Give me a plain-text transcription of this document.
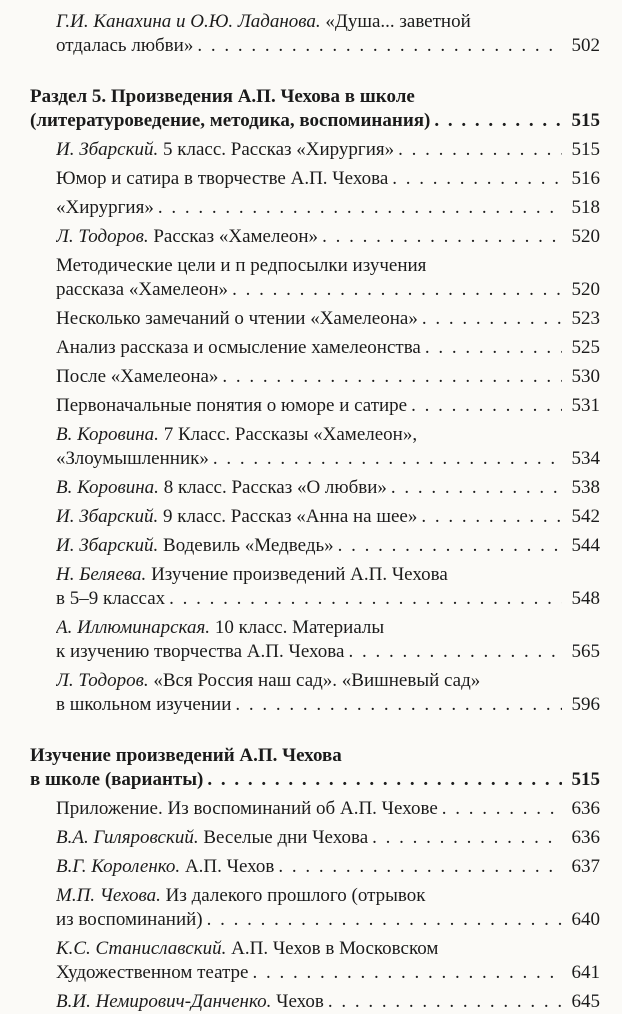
Г.И. Канахина и О.Ю. Ладанова. «Душа... заветной
отдалась любви» . . .	502
Раздел 5. Произведения А.П. Чехова в школе
(литературоведение, методика, воспоминания) . . .	515
И. Збарский. 5 класс. Рассказ «Хирургия» . . .	515
Юмор и сатира в творчестве А.П. Чехова . . .	516
«Хирургия» . . .	518
Л. Тодоров. Рассказ «Хамелеон» . . .	520
Методические цели и п редпосылки изучения
рассказа «Хамелеон» . . .	520
Несколько замечаний о чтении «Хамелеона» . . .	523
Анализ рассказа и осмысление хамелеонства . . .	525
После «Хамелеона» . . .	530
Первоначальные понятия о юморе и сатире . . .	531
В. Коровина. 7 Класс. Рассказы «Хамелеон»,
«Злоумышленник» . . .	534
В. Коровина. 8 класс. Рассказ «О любви» . . .	538
И. Збарский. 9 класс. Рассказ «Анна на шее» . . .	542
И. Збарский. Водевиль «Медведь» . . .	544
Н. Беляева. Изучение произведений А.П. Чехова
в 5–9 классах . . .	548
А. Иллюминарская. 10 класс. Материалы
к изучению творчества А.П. Чехова . . .	565
Л. Тодоров. «Вся Россия наш сад». «Вишневый сад»
в школьном изучении . . .	596
Изучение произведений А.П. Чехова
в школе (варианты) . . .	515
Приложение. Из воспоминаний об А.П. Чехове . . .	636
В.А. Гиляровский. Веселые дни Чехова . . .	636
В.Г. Короленко. А.П. Чехов . . .	637
М.П. Чехова. Из далекого прошлого (отрывок
из воспоминаний) . . .	640
К.С. Станиславский. А.П. Чехов в Московском
Художественном театре . . .	641
В.И. Немирович-Данченко. Чехов . . .	645
